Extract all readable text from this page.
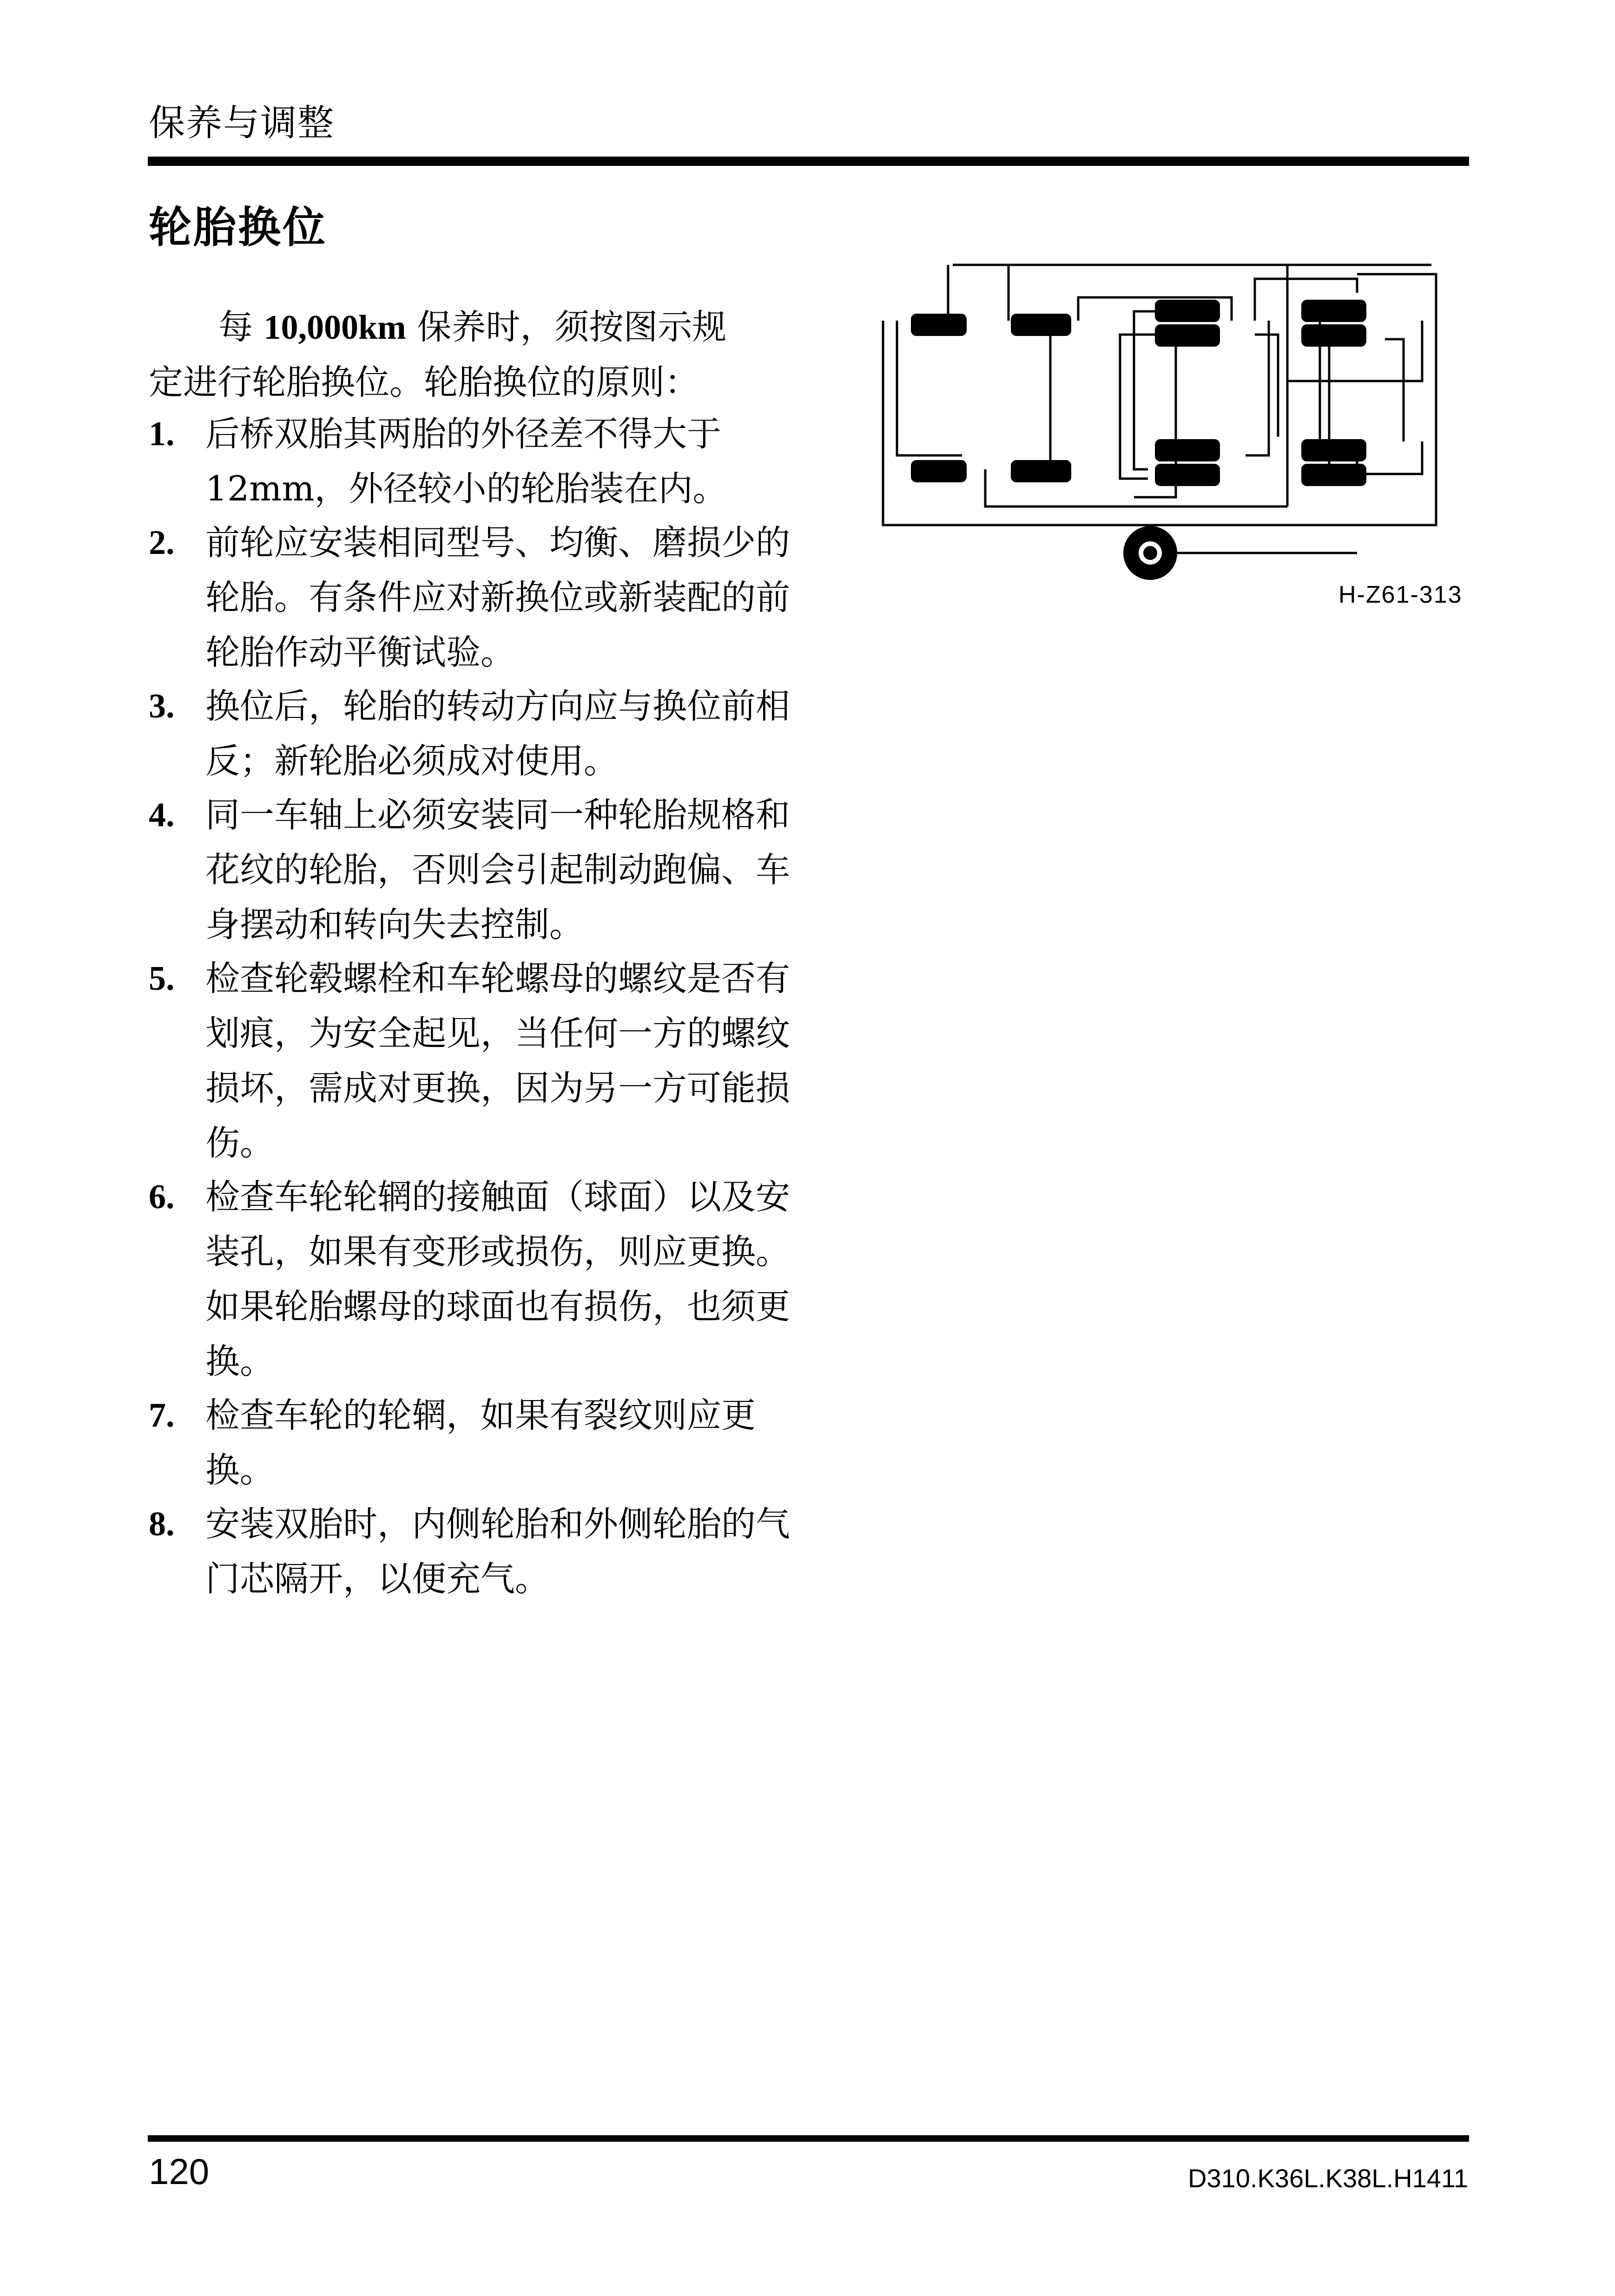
保养与调整
轮胎换位
每 10,000km 保养时，须按图示规
定进行轮胎换位。轮胎换位的原则：
1. 后桥双胎其两胎的外径差不得大于 12mm，外径较小的轮胎装在内。
2. 前轮应安装相同型号、均衡、磨损少的轮胎。有条件应对新换位或新装配的前轮胎作动平衡试验。
3. 换位后，轮胎的转动方向应与换位前相反；新轮胎必须成对使用。
4. 同一车轴上必须安装同一种轮胎规格和花纹的轮胎，否则会引起制动跑偏、车身摆动和转向失去控制。
5. 检查轮毂螺栓和车轮螺母的螺纹是否有划痕，为安全起见，当任何一方的螺纹损坏，需成对更换，因为另一方可能损伤。
6. 检查车轮轮辋的接触面（球面）以及安装孔，如果有变形或损伤，则应更换。如果轮胎螺母的球面也有损伤，也须更换。
7. 检查车轮的轮辋，如果有裂纹则应更换。
8. 安装双胎时，内侧轮胎和外侧轮胎的气门芯隔开，以便充气。
H-Z61-313
120	D310.K36L.K38L.H1411
